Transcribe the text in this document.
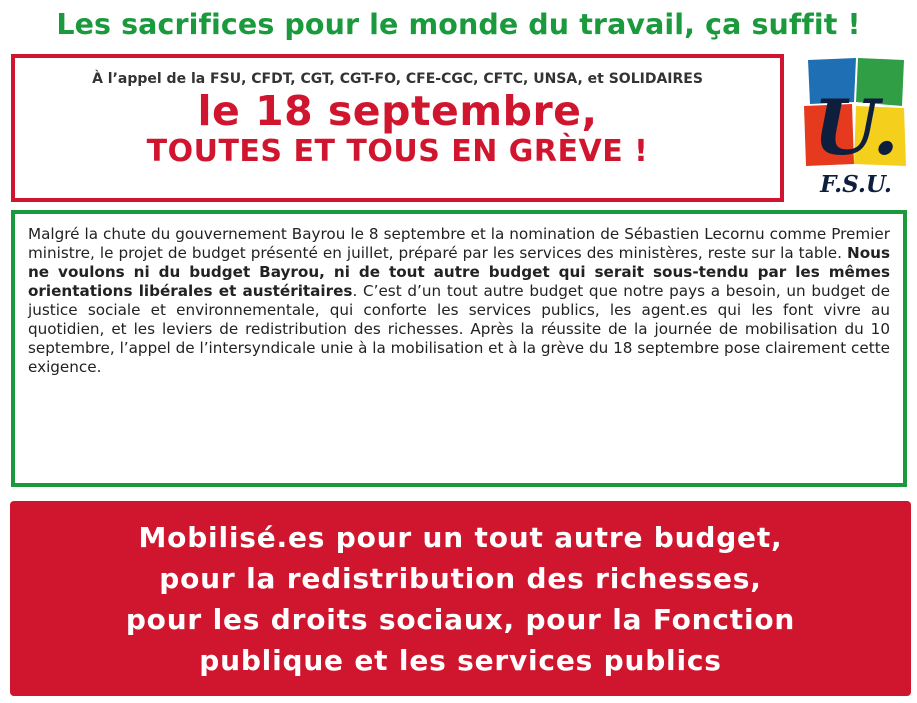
Les sacrifices pour le monde du travail, ça suffit !
À l’appel de la FSU, CFDT, CGT, CGT-FO, CFE-CGC, CFTC, UNSA, et SOLIDAIRES
le 18 septembre,
TOUTES ET TOUS EN GRÈVE !	U.
F.S.U.

Malgré la chute du gouvernement Bayrou le 8 septembre et la nomination de Sébastien Lecornu comme Premier ministre, le projet de budget présenté en juillet, préparé par les services des ministères, reste sur la table. Nous ne voulons ni du budget Bayrou, ni de tout autre budget qui serait sous-tendu par les mêmes orientations libérales et austéritaires. C’est d’un tout autre budget que notre pays a besoin, un budget de justice sociale et environnementale, qui conforte les services publics, les agent.es qui les font vivre au quotidien, et les leviers de redistribution des richesses. Après la réussite de la journée de mobilisation du 10 septembre, l’appel de l’intersyndicale unie à la mobilisation et à la grève du 18 septembre pose clairement cette exigence.

Mobilisé.es pour un tout autre budget,
pour la redistribution des richesses,
pour les droits sociaux, pour la Fonction
publique et les services publics
